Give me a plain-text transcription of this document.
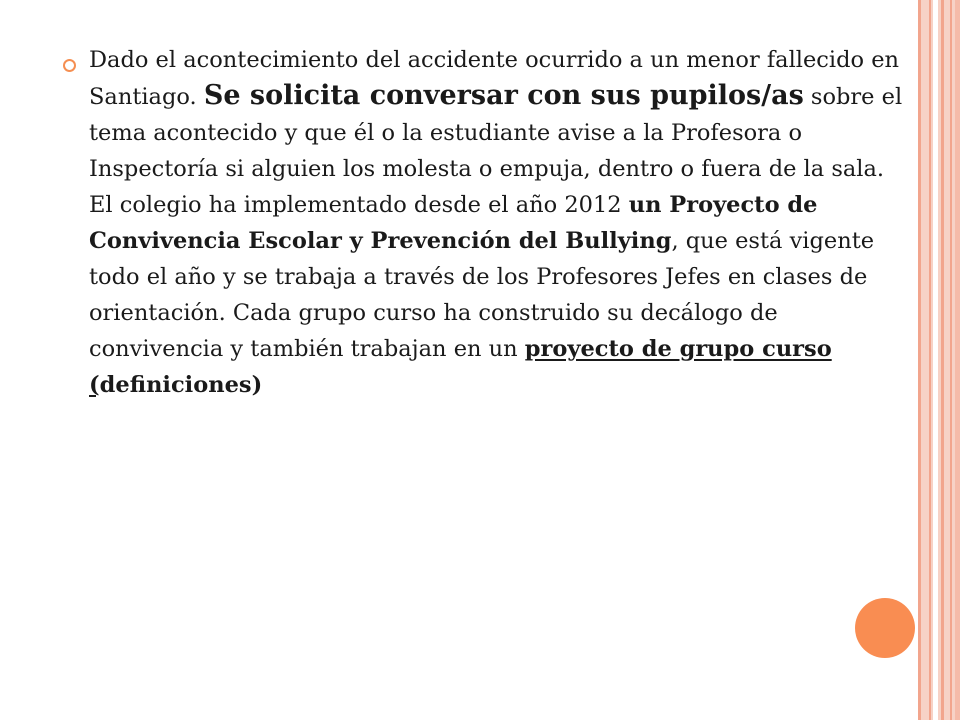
Dado el acontecimiento del accidente ocurrido a un menor fallecido en Santiago. Se solicita conversar con sus pupilos/as sobre el tema acontecido y que él o la estudiante avise a la Profesora o Inspectoría si alguien los molesta o empuja, dentro o fuera de la sala. El colegio ha implementado desde el año 2012 un Proyecto de Convivencia Escolar y Prevención del Bullying, que está vigente todo el año y se trabaja a través de los Profesores Jefes en clases de orientación. Cada grupo curso ha construido su decálogo de convivencia y también trabajan en un proyecto de grupo curso (definiciones)
